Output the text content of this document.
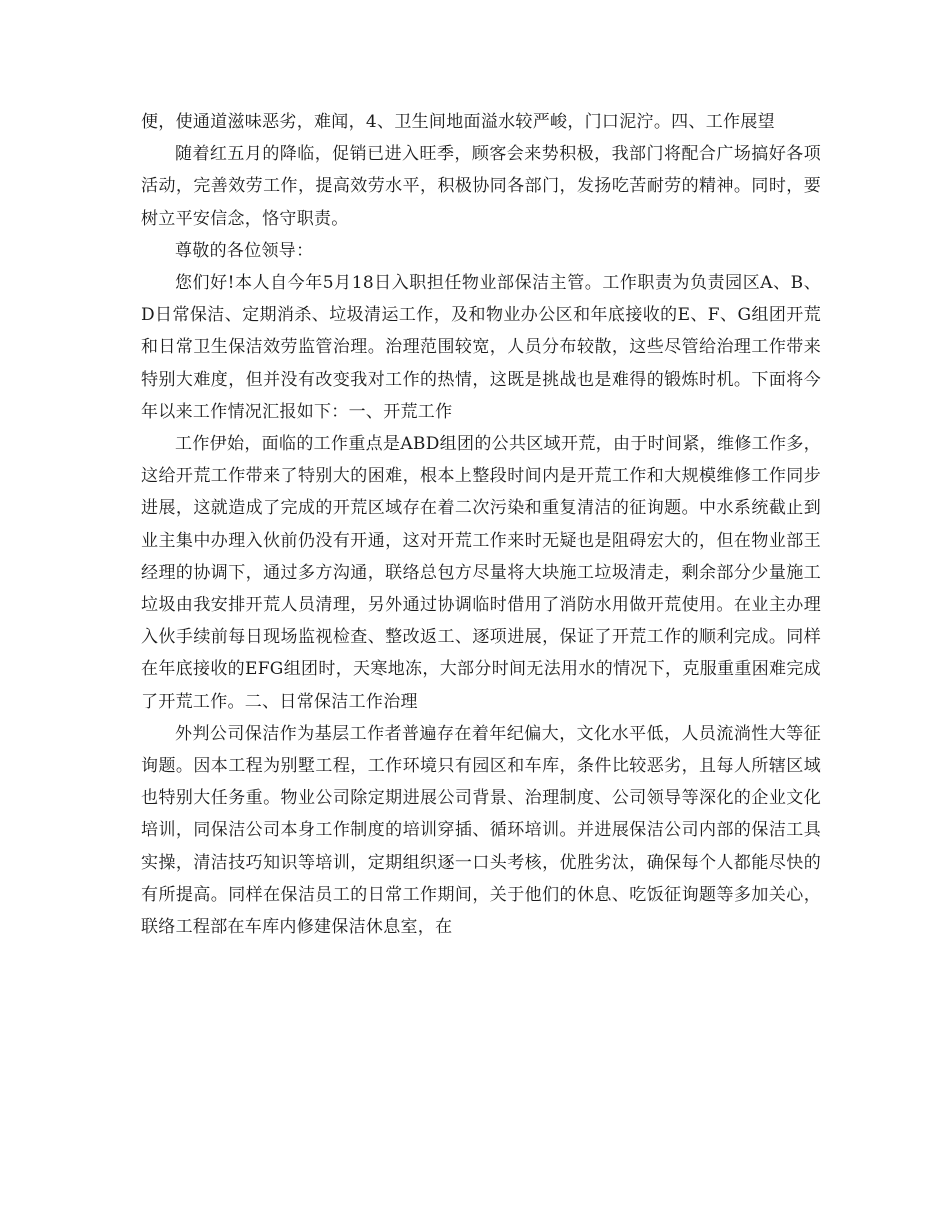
便，使通道滋味恶劣，难闻，4、卫生间地面溢水较严峻，门口泥泞。四、工作展望

随着红五月的降临，促销已进入旺季，顾客会来势积极，我部门将配合广场搞好各项活动，完善效劳工作，提高效劳水平，积极协同各部门，发扬吃苦耐劳的精神。同时，要树立平安信念，恪守职责。

尊敬的各位领导：

您们好!本人自今年5月18日入职担任物业部保洁主管。工作职责为负责园区A、B、D日常保洁、定期消杀、垃圾清运工作，及和物业办公区和年底接收的E、F、G组团开荒和日常卫生保洁效劳监管治理。治理范围较宽，人员分布较散，这些尽管给治理工作带来特别大难度，但并没有改变我对工作的热情，这既是挑战也是难得的锻炼时机。下面将今年以来工作情况汇报如下：一、开荒工作

工作伊始，面临的工作重点是ABD组团的公共区域开荒，由于时间紧，维修工作多，这给开荒工作带来了特别大的困难，根本上整段时间内是开荒工作和大规模维修工作同步进展，这就造成了完成的开荒区域存在着二次污染和重复清洁的征询题。中水系统截止到业主集中办理入伙前仍没有开通，这对开荒工作来时无疑也是阻碍宏大的，但在物业部王经理的协调下，通过多方沟通，联络总包方尽量将大块施工垃圾清走，剩余部分少量施工垃圾由我安排开荒人员清理，另外通过协调临时借用了消防水用做开荒使用。在业主办理入伙手续前每日现场监视检查、整改返工、逐项进展，保证了开荒工作的顺利完成。同样在年底接收的EFG组团时，天寒地冻，大部分时间无法用水的情况下，克服重重困难完成了开荒工作。二、日常保洁工作治理

外判公司保洁作为基层工作者普遍存在着年纪偏大，文化水平低，人员流淌性大等征询题。因本工程为别墅工程，工作环境只有园区和车库，条件比较恶劣，且每人所辖区域也特别大任务重。物业公司除定期进展公司背景、治理制度、公司领导等深化的企业文化培训，同保洁公司本身工作制度的培训穿插、循环培训。并进展保洁公司内部的保洁工具实操，清洁技巧知识等培训，定期组织逐一口头考核，优胜劣汰，确保每个人都能尽快的有所提高。同样在保洁员工的日常工作期间，关于他们的休息、吃饭征询题等多加关心，联络工程部在车库内修建保洁休息室，在
